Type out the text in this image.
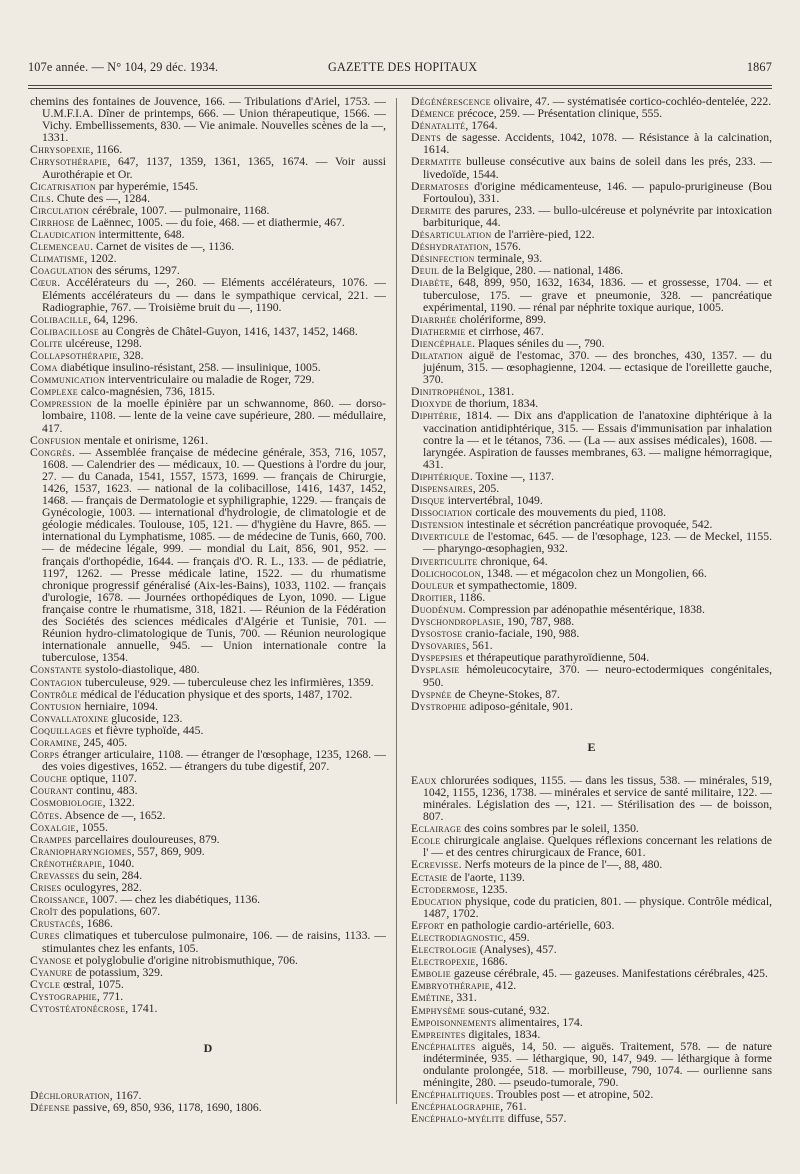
107e année. — N° 104, 29 déc. 1934.	GAZETTE DES HOPITAUX	1867
chemins des fontaines de Jouvence, 166. — Tribulations d'Ariel, 1753. — U.M.F.I.A. Dîner de printemps, 666. — Union thérapeutique, 1566. — Vichy. Embellissements, 830. — Vie animale. Nouvelles scènes de la —, 1331.
Chrysopexie, 1166.
Chrysothérapie, 647, 1137, 1359, 1361, 1365, 1674. — Voir aussi Aurothérapie et Or.
Cicatrisation par hyperémie, 1545.
Cils. Chute des —, 1284.
Circulation cérébrale, 1007. — pulmonaire, 1168.
Cirrhose de Laënnec, 1005. — du foie, 468. — et diathermie, 467.
Claudication intermittente, 648.
Clemenceau. Carnet de visites de —, 1136.
Climatisme, 1202.
Coagulation des sérums, 1297.
Cœur. Accélérateurs du —, 260. — Eléments accélérateurs, 1076. — Eléments accélérateurs du — dans le sympathique cervical, 221. — Radiographie, 767. — Troisième bruit du —, 1190.
Colibacille, 64, 1296.
Colibacillose au Congrès de Châtel-Guyon, 1416, 1437, 1452, 1468.
Colite ulcéreuse, 1298.
Collapsothérapie, 328.
Coma diabétique insulino-résistant, 258. — insulinique, 1005.
Communication interventriculaire ou maladie de Roger, 729.
Complexe calco-magnésien, 736, 1815.
Compression de la moelle épinière par un schwannome, 860. — dorso-lombaire, 1108. — lente de la veine cave supérieure, 280. — médullaire, 417.
Confusion mentale et onirisme, 1261.
Congrès. — Assemblée française de médecine générale, 353, 716, 1057, 1608. — Calendrier des — médicaux, 10. — Questions à l'ordre du jour, 27. — du Canada, 1541, 1557, 1573, 1699. — français de Chirurgie, 1426, 1537, 1623. — national de la colibacillose, 1416, 1437, 1452, 1468. — français de Dermatologie et syphiligraphie, 1229. — français de Gynécologie, 1003. — international d'hydrologie, de climatologie et de géologie médicales. Toulouse, 105, 121. — d'hygiène du Havre, 865. — international du Lymphatisme, 1085. — de médecine de Tunis, 660, 700. — de médecine légale, 999. — mondial du Lait, 856, 901, 952. — français d'orthopédie, 1644. — français d'O. R. L., 133. — de pédiatrie, 1197, 1262. — Presse médicale latine, 1522. — du rhumatisme chronique progressif généralisé (Aix-les-Bains), 1033, 1102. — français d'urologie, 1678. — Journées orthopédiques de Lyon, 1090. — Ligue française contre le rhumatisme, 318, 1821. — Réunion de la Fédération des Sociétés des sciences médicales d'Algérie et Tunisie, 701. — Réunion hydro-climatologique de Tunis, 700. — Réunion neurologique internationale annuelle, 945. — Union internationale contre la tuberculose, 1354.
Constante systolo-diastolique, 480.
Contagion tuberculeuse, 929. — tuberculeuse chez les infirmières, 1359.
Contrôle médical de l'éducation physique et des sports, 1487, 1702.
Contusion herniaire, 1094.
Convallatoxine glucoside, 123.
Coquillages et fièvre typhoïde, 445.
Coramine, 245, 405.
Corps étranger articulaire, 1108. — étranger de l'œsophage, 1235, 1268. — des voies digestives, 1652. — étrangers du tube digestif, 207.
Couche optique, 1107.
Courant continu, 483.
Cosmobiologie, 1322.
Côtes. Absence de —, 1652.
Coxalgie, 1055.
Crampes parcellaires douloureuses, 879.
Craniopharyngiomes, 557, 869, 909.
Crénothérapie, 1040.
Crevasses du sein, 284.
Crises oculogyres, 282.
Croissance, 1007. — chez les diabétiques, 1136.
Croît des populations, 607.
Crustacés, 1686.
Cures climatiques et tuberculose pulmonaire, 106. — de raisins, 1133. — stimulantes chez les enfants, 105.
Cyanose et polyglobulie d'origine nitrobismuthique, 706.
Cyanure de potassium, 329.
Cycle œstral, 1075.
Cystographie, 771.
Cytostéatonécrose, 1741.
D
Déchloruration, 1167.
Défense passive, 69, 850, 936, 1178, 1690, 1806.
Dégénérescence olivaire, 47. — systématisée cortico-cochléo-dentelée, 222.
Démence précoce, 259. — Présentation clinique, 555.
Dénatalité, 1764.
Dents de sagesse. Accidents, 1042, 1078. — Résistance à la calcination, 1614.
Dermatite bulleuse consécutive aux bains de soleil dans les prés, 233. — livedoïde, 1544.
Dermatoses d'origine médicamenteuse, 146. — papulo-prurigineuse (Bou Fortoulou), 331.
Dermite des parures, 233. — bullo-ulcéreuse et polynévrite par intoxication barbiturique, 44.
Désarticulation de l'arrière-pied, 122.
Déshydratation, 1576.
Désinfection terminale, 93.
Deuil de la Belgique, 280. — national, 1486.
Diabète, 648, 899, 950, 1632, 1634, 1836. — et grossesse, 1704. — et tuberculose, 175. — grave et pneumonie, 328. — pancréatique expérimental, 1190. — rénal par néphrite toxique auriquе, 1005.
Diarrhée cholériforme, 899.
Diathermie et cirrhose, 467.
Diencéphale. Plaques séniles du —, 790.
Dilatation aiguë de l'estomac, 370. — des bronches, 430, 1357. — du jujénum, 315. — œsophagienne, 1204. — ectasique de l'oreillette gauche, 370.
Dinitrophénol, 1381.
Dioxyde de thorium, 1834.
Diphtérie, 1814. — Dix ans d'application de l'anatoxine diphtérique à la vaccination antidiphtérique, 315. — Essais d'immunisation par inhalation contre la — et le tétanos, 736. — (La — aux assises médicales), 1608. — laryngée. Aspiration de fausses membranes, 63. — maligne hémorragique, 431.
Diphtérique. Toxine —, 1137.
Dispensaires, 205.
Disque intervertébral, 1049.
Dissociation corticale des mouvements du pied, 1108.
Distension intestinale et sécrétion pancréatique provoquée, 542.
Diverticule de l'estomac, 645. — de l'œsophage, 123. — de Meckel, 1155. — pharyngo-œsophagien, 932.
Diverticulite chronique, 64.
Dolichocolon, 1348. — et mégacolon chez un Mongolien, 66.
Douleur et sympathectomie, 1809.
Droitier, 1186.
Duodénum. Compression par adénopathie mésentérique, 1838.
Dyschondroplasie, 190, 787, 988.
Dysostose cranio-faciale, 190, 988.
Dysovaries, 561.
Dyspepsies et thérapeutique parathyroïdienne, 504.
Dysplasie hémoleucocytaire, 370. — neuro-ectodermiques congénitales, 950.
Dyspnée de Cheyne-Stokes, 87.
Dystrophie adiposo-génitale, 901.
E
Eaux chlorurées sodiques, 1155. — dans les tissus, 538. — minérales, 519, 1042, 1155, 1236, 1738. — minérales et service de santé militaire, 122. — minérales. Législation des —, 121. — Stérilisation des — de boisson, 807.
Eclairage des coins sombres par le soleil, 1350.
Ecole chirurgicale anglaise. Quelques réflexions concernant les relations de l' — et des centres chirurgicaux de France, 601.
Ecrevisse. Nerfs moteurs de la pince de l'—, 88, 480.
Ectasie de l'aorte, 1139.
Ectodermose, 1235.
Education physique, code du praticien, 801. — physique. Contrôle médical, 1487, 1702.
Effort en pathologie cardio-artérielle, 603.
Electrodiagnostic, 459.
Electrologie (Analyses), 457.
Electropexie, 1686.
Embolie gazeuse cérébrale, 45. — gazeuses. Manifestations cérébrales, 425.
Embryothérapie, 412.
Emétine, 331.
Emphysème sous-cutané, 932.
Empoisonnements alimentaires, 174.
Empreintes digitales, 1834.
Encéphalites aiguës, 14, 50. — aiguës. Traitement, 578. — de nature indéterminée, 935. — léthargique, 90, 147, 949. — léthargique à forme ondulante prolongée, 518. — morbilleuse, 790, 1074. — ourlienne sans méningite, 280. — pseudo-tumorale, 790.
Encéphalitiques. Troubles post — et atropine, 502.
Encéphalographie, 761.
Encéphalo-myélite diffuse, 557.
